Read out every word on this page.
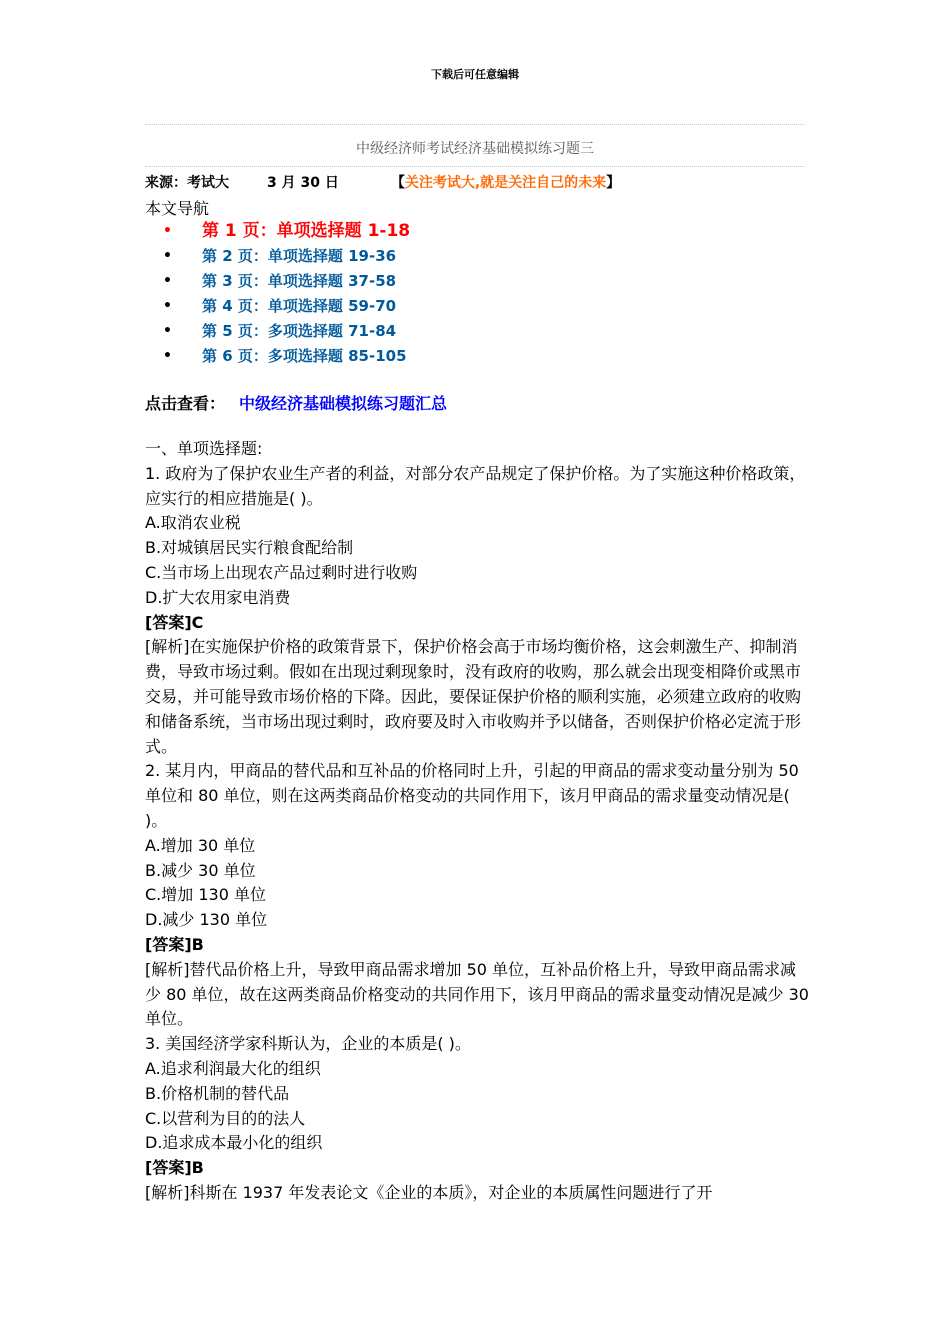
下载后可任意编辑
中级经济师考试经济基础模拟练习题三
来源：考试大	3 月 30 日	【关注考试大,就是关注自己的未来】
本文导航
• 第 1 页：单项选择题 1-18
• 第 2 页：单项选择题 19-36
• 第 3 页：单项选择题 37-58
• 第 4 页：单项选择题 59-70
• 第 5 页：多项选择题 71-84
• 第 6 页：多项选择题 85-105
点击查看： 中级经济基础模拟练习题汇总

一、单项选择题:

1. 政府为了保护农业生产者的利益，对部分农产品规定了保护价格。为了实施这种价格政策，应实行的相应措施是( )。

A.取消农业税

B.对城镇居民实行粮食配给制

C.当市场上出现农产品过剩时进行收购

D.扩大农用家电消费

[答案]C

[解析]在实施保护价格的政策背景下，保护价格会高于市场均衡价格，这会刺激生产、抑制消费，导致市场过剩。假如在出现过剩现象时，没有政府的收购，那么就会出现变相降价或黑市交易，并可能导致市场价格的下降。因此，要保证保护价格的顺利实施，必须建立政府的收购和储备系统，当市场出现过剩时，政府要及时入市收购并予以储备，否则保护价格必定流于形式。

2. 某月内，甲商品的替代品和互补品的价格同时上升，引起的甲商品的需求变动量分别为 50 单位和 80 单位，则在这两类商品价格变动的共同作用下，该月甲商品的需求量变动情况是( )。

A.增加 30 单位

B.减少 30 单位

C.增加 130 单位

D.减少 130 单位

[答案]B

[解析]替代品价格上升，导致甲商品需求增加 50 单位，互补品价格上升，导致甲商品需求减少 80 单位，故在这两类商品价格变动的共同作用下，该月甲商品的需求量变动情况是减少 30 单位。

3. 美国经济学家科斯认为，企业的本质是( )。

A.追求利润最大化的组织

B.价格机制的替代品

C.以营利为目的的法人

D.追求成本最小化的组织

[答案]B

[解析]科斯在 1937 年发表论文《企业的本质》，对企业的本质属性问题进行了开
